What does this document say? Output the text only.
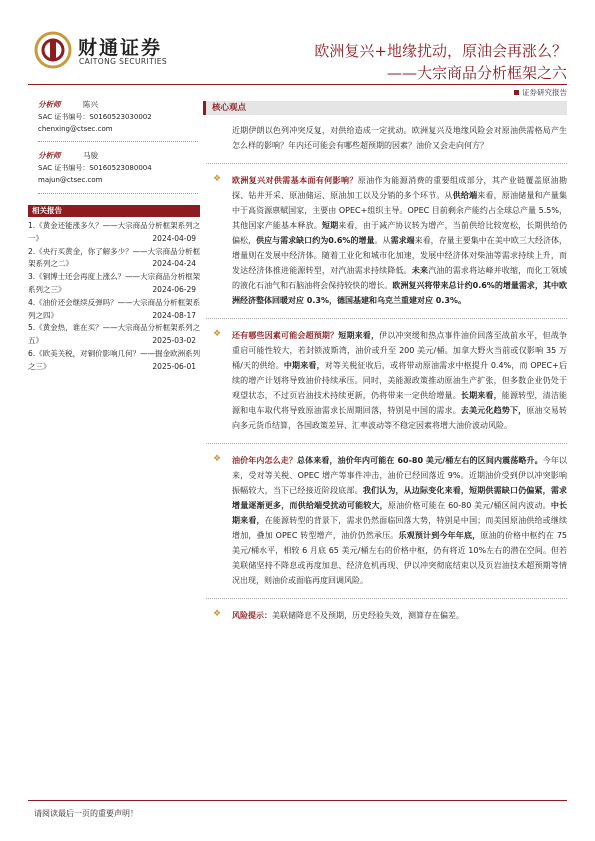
财通证券
CAITONG SECURITIES
欧洲复兴+地缘扰动，原油会再涨么？
——大宗商品分析框架之六
证券研究报告
分析师	陈兴
SAC 证书编号：S0160523030002
chenxing@ctsec.com
分析师	马骏
SAC 证书编号：S0160523080004
majun@ctsec.com
相关报告
1.《黄金还能涨多久？——大宗商品分析框架系列之一》	2024-04-09
2.《央行买黄金，你了解多少？——大宗商品分析框架系列之二》	2024-04-24
3.《铜博士还会再度上涨么？——大宗商品分析框架系列之三》	2024-06-29
4.《油价还会继续反弹吗？——大宗商品分析框架系列之四》	2024-08-17
5.《黄金热，谁在买？——大宗商品分析框架系列之五》	2025-03-02
6.《欧美关税，对铜价影响几何？——掘金欧洲系列之三》	2025-06-01
核心观点

近期伊朗以色列冲突反复，对供给造成一定扰动。欧洲复兴及地缘风险会对原油供需格局产生怎么样的影响？年内还可能会有哪些超预期的因素？油价又会走向何方？

❖ 欧洲复兴对供需基本面有何影响？原油作为能源消费的重要组成部分，其产业链覆盖原油勘探、钻井开采、原油储运、原油加工以及分销的多个环节。从供给端来看，原油储量和产量集中于高资源禀赋国家，主要由 OPEC+组织主导。OPEC 目前剩余产能约占全球总产量 5.5%，其他国家产能基本释放。短期来看，由于减产协议转为增产，当前供给比较宽松，长期供给仍偏松，供应与需求缺口约为0.6%的增量。从需求端来看，存量主要集中在美中欧三大经济体，增量则在发展中经济体。随着工业化和城市化加速，发展中经济体对柴油等需求持续上升，而发达经济体推进能源转型，对汽油需求持续降低。未来汽油的需求将达峰并收缩，而化工领域的液化石油气和石脑油将会保持较快的增长。欧洲复兴将带来总计约0.6%的增量需求，其中欧洲经济整体回暖对应 0.3%，德国基建和乌克兰重建对应 0.3%。

❖ 还有哪些因素可能会超预期？短期来看，伊以冲突缓和热点事件油价回落至战前水平，但战争重启可能性较大，若封锁波斯湾，油价或升至 200 美元/桶。加拿大野火当前或仅影响 35 万桶/天的供给。中期来看，对等关税征收后，或将带动原油需求中枢提升 0.4%，而 OPEC+后续的增产计划将导致油价持续承压。同时，美能源政策推动原油生产扩张，但多数企业仍处于观望状态，不过页岩油技术持续更新，仍将带来一定供给增量。长期来看，能源转型，清洁能源和电车取代将导致原油需求长周期回落，特别是中国的需求。去美元化趋势下，原油交易转向多元货币结算，各国政策差异、汇率波动等不稳定因素将增大油价波动风险。

❖ 油价年内怎么走？总体来看，油价年内可能在 60-80 美元/桶左右的区间内震荡略升。今年以来，受对等关税、OPEC 增产等事件冲击，油价已经回落近 9%。近期油价受到伊以冲突影响振幅较大，当下已经接近阶段底部。我们认为，从边际变化来看，短期供需缺口仍偏紧，需求增量逐渐更多，而供给端受扰动可能较大，原油价格可能在 60-80 美元/桶区间内波动。中长期来看，在能源转型的背景下，需求仍然面临回落大势，特别是中国；而美国原油供给或继续增加，叠加 OPEC 转型增产，油价仍然承压。乐观预计到今年年底，原油的价格中枢约在 75 美元/桶水平，相较 6 月底 65 美元/桶左右的价格中枢，仍有将近 10%左右的潜在空间。但若美联储坚持不降息或再度加息、经济危机再现、伊以冲突彻底结束以及页岩油技术超预期等情况出现，则油价或面临再度回调风险。

❖ 风险提示：美联储降息不及预期，历史经验失效，测算存在偏差。

请阅读最后一页的重要声明！
